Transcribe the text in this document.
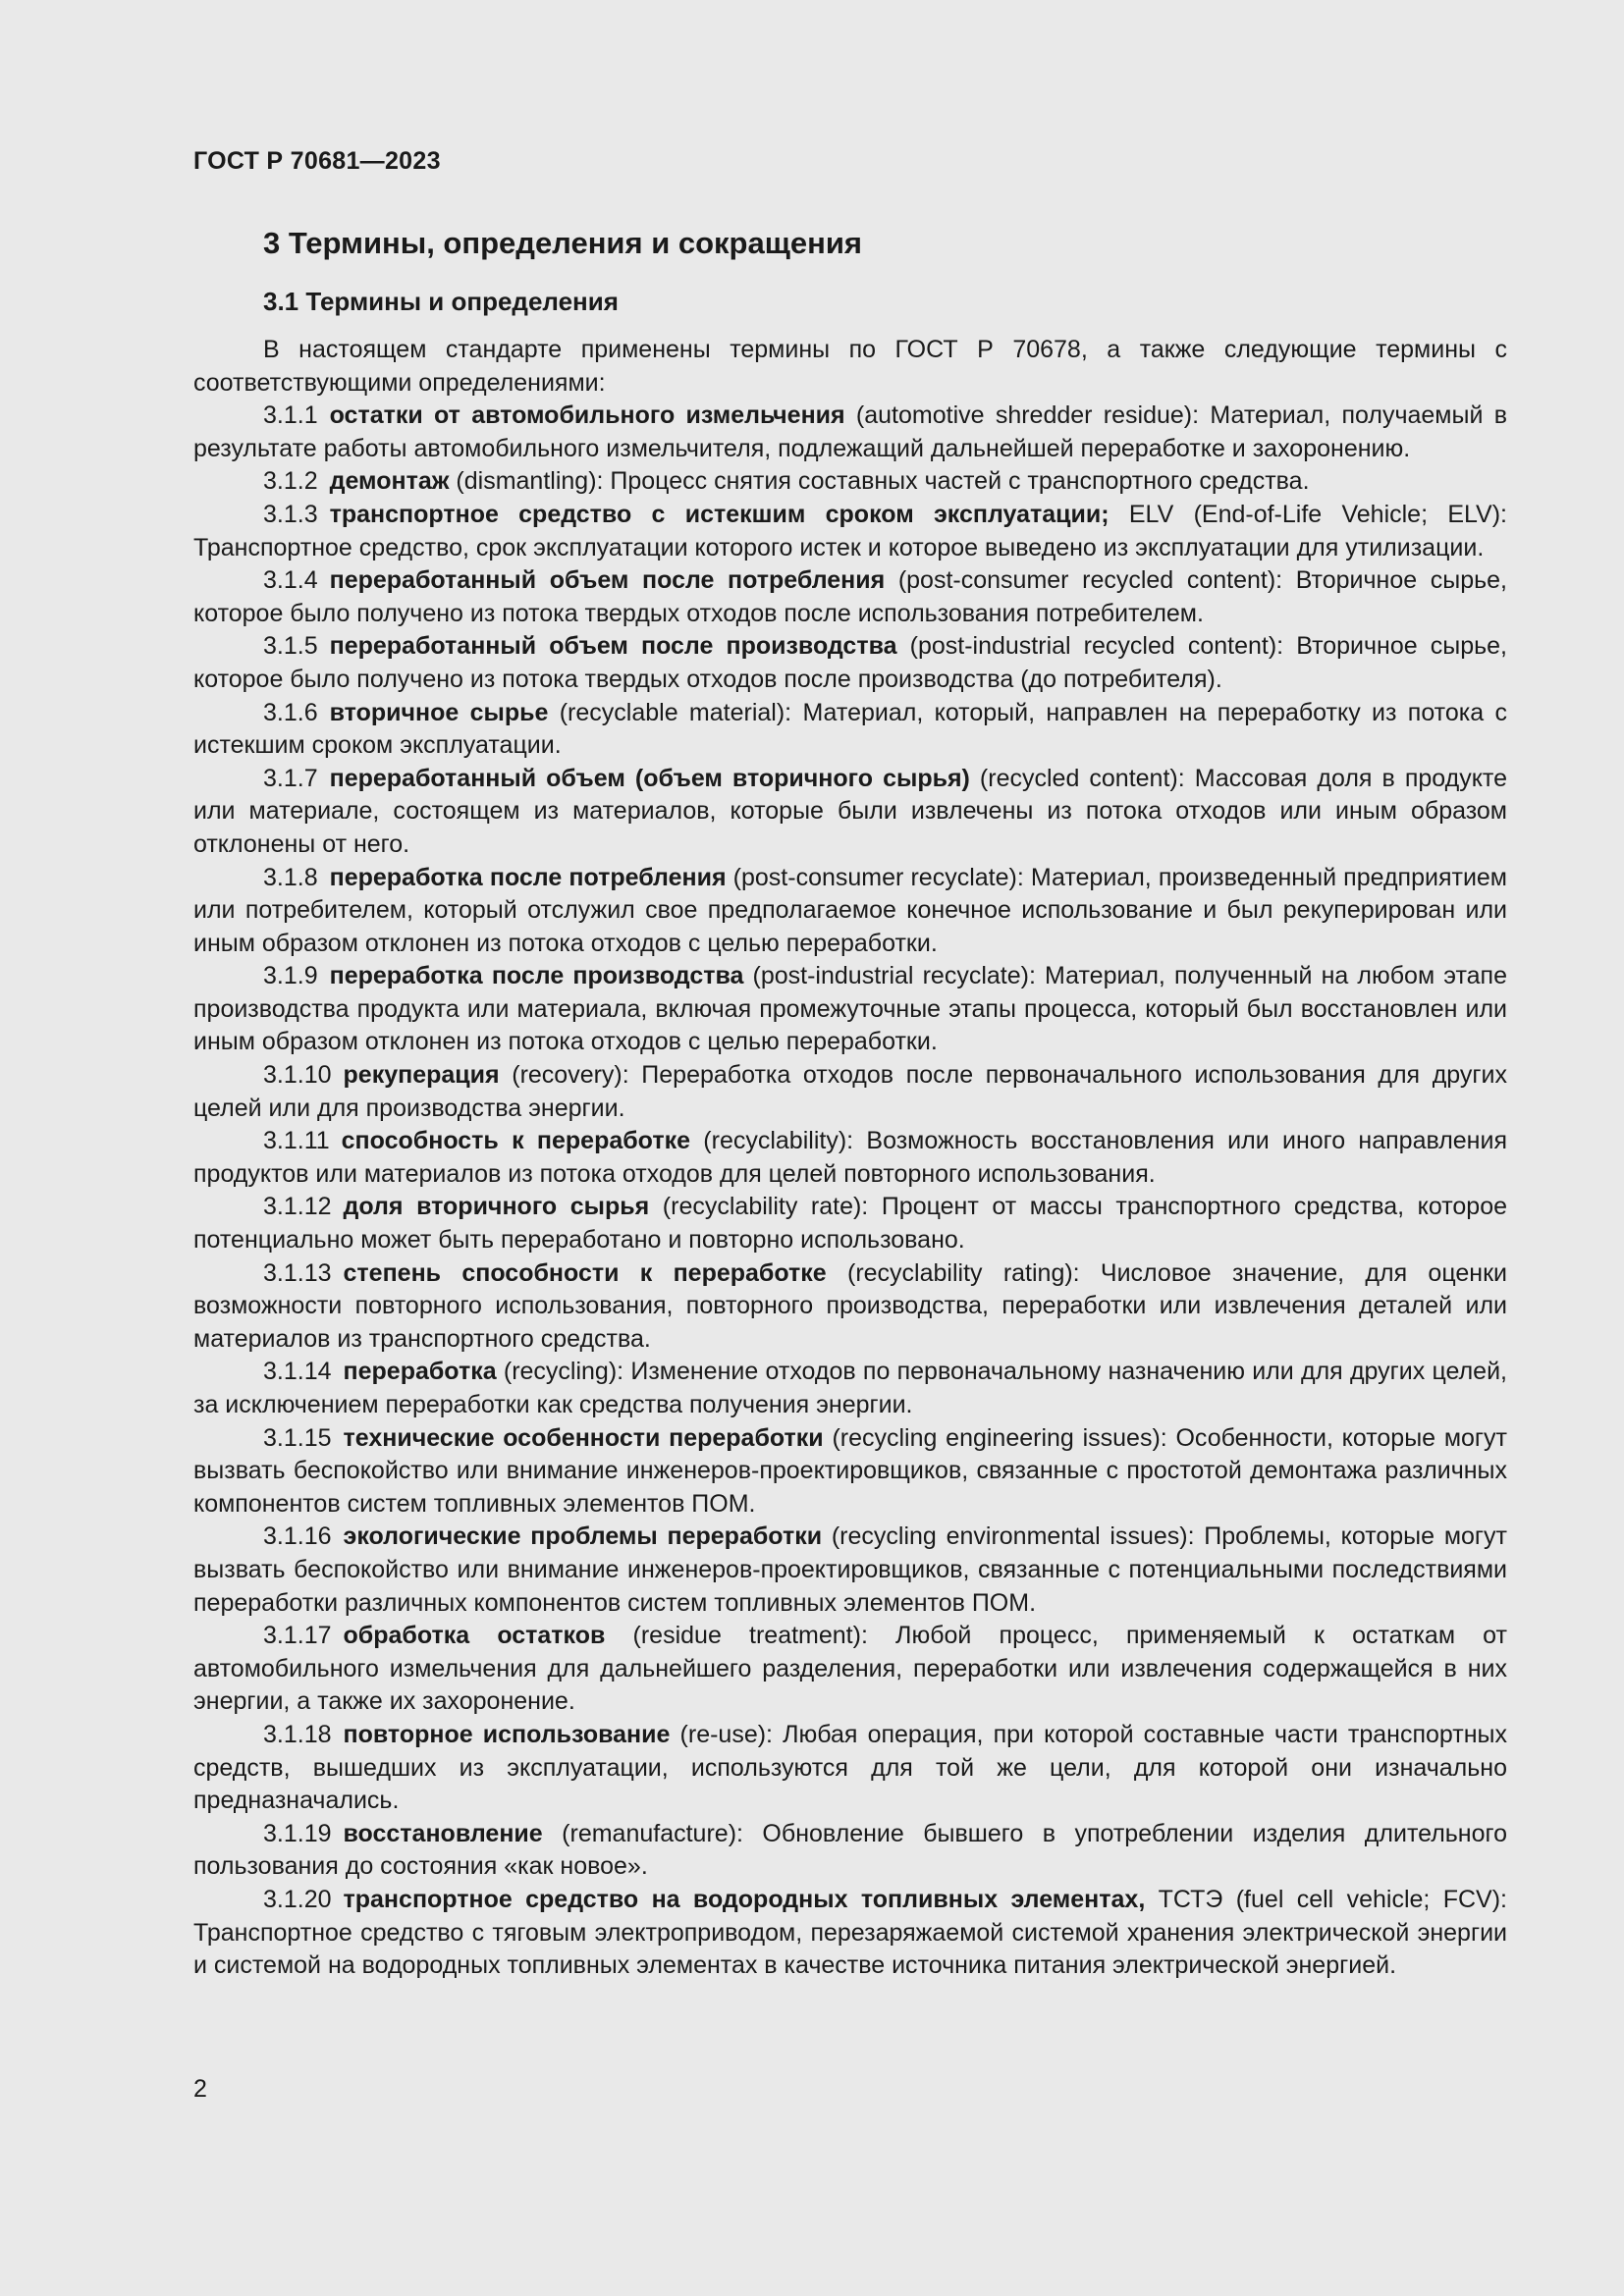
ГОСТ Р 70681—2023
3 Термины, определения и сокращения
3.1 Термины и определения

В настоящем стандарте применены термины по ГОСТ Р 70678, а также следующие термины с соответствующими определениями:

3.1.1 остатки от автомобильного измельчения (automotive shredder residue): Материал, получаемый в результате работы автомобильного измельчителя, подлежащий дальнейшей переработке и захоронению.

3.1.2 демонтаж (dismantling): Процесс снятия составных частей с транспортного средства.

3.1.3 транспортное средство с истекшим сроком эксплуатации; ELV (End-of-Life Vehicle; ELV): Транспортное средство, срок эксплуатации которого истек и которое выведено из эксплуатации для утилизации.

3.1.4 переработанный объем после потребления (post-consumer recycled content): Вторичное сырье, которое было получено из потока твердых отходов после использования потребителем.

3.1.5 переработанный объем после производства (post-industrial recycled content): Вторичное сырье, которое было получено из потока твердых отходов после производства (до потребителя).

3.1.6 вторичное сырье (recyclable material): Материал, который, направлен на переработку из потока с истекшим сроком эксплуатации.

3.1.7 переработанный объем (объем вторичного сырья) (recycled content): Массовая доля в продукте или материале, состоящем из материалов, которые были извлечены из потока отходов или иным образом отклонены от него.

3.1.8 переработка после потребления (post-consumer recyclate): Материал, произведенный предприятием или потребителем, который отслужил свое предполагаемое конечное использование и был рекуперирован или иным образом отклонен из потока отходов с целью переработки.

3.1.9 переработка после производства (post-industrial recyclate): Материал, полученный на любом этапе производства продукта или материала, включая промежуточные этапы процесса, который был восстановлен или иным образом отклонен из потока отходов с целью переработки.

3.1.10 рекуперация (recovery): Переработка отходов после первоначального использования для других целей или для производства энергии.

3.1.11 способность к переработке (recyclability): Возможность восстановления или иного направления продуктов или материалов из потока отходов для целей повторного использования.

3.1.12 доля вторичного сырья (recyclability rate): Процент от массы транспортного средства, которое потенциально может быть переработано и повторно использовано.

3.1.13 степень способности к переработке (recyclability rating): Числовое значение, для оценки возможности повторного использования, повторного производства, переработки или извлечения деталей или материалов из транспортного средства.

3.1.14 переработка (recycling): Изменение отходов по первоначальному назначению или для других целей, за исключением переработки как средства получения энергии.

3.1.15 технические особенности переработки (recycling engineering issues): Особенности, которые могут вызвать беспокойство или внимание инженеров-проектировщиков, связанные с простотой демонтажа различных компонентов систем топливных элементов ПОМ.

3.1.16 экологические проблемы переработки (recycling environmental issues): Проблемы, которые могут вызвать беспокойство или внимание инженеров-проектировщиков, связанные с потенциальными последствиями переработки различных компонентов систем топливных элементов ПОМ.

3.1.17 обработка остатков (residue treatment): Любой процесс, применяемый к остаткам от автомобильного измельчения для дальнейшего разделения, переработки или извлечения содержащейся в них энергии, а также их захоронение.

3.1.18 повторное использование (re-use): Любая операция, при которой составные части транспортных средств, вышедших из эксплуатации, используются для той же цели, для которой они изначально предназначались.

3.1.19 восстановление (remanufacture): Обновление бывшего в употреблении изделия длительного пользования до состояния «как новое».

3.1.20 транспортное средство на водородных топливных элементах, ТСТЭ (fuel cell vehicle; FCV): Транспортное средство с тяговым электроприводом, перезаряжаемой системой хранения электрической энергии и системой на водородных топливных элементах в качестве источника питания электрической энергией.

2
